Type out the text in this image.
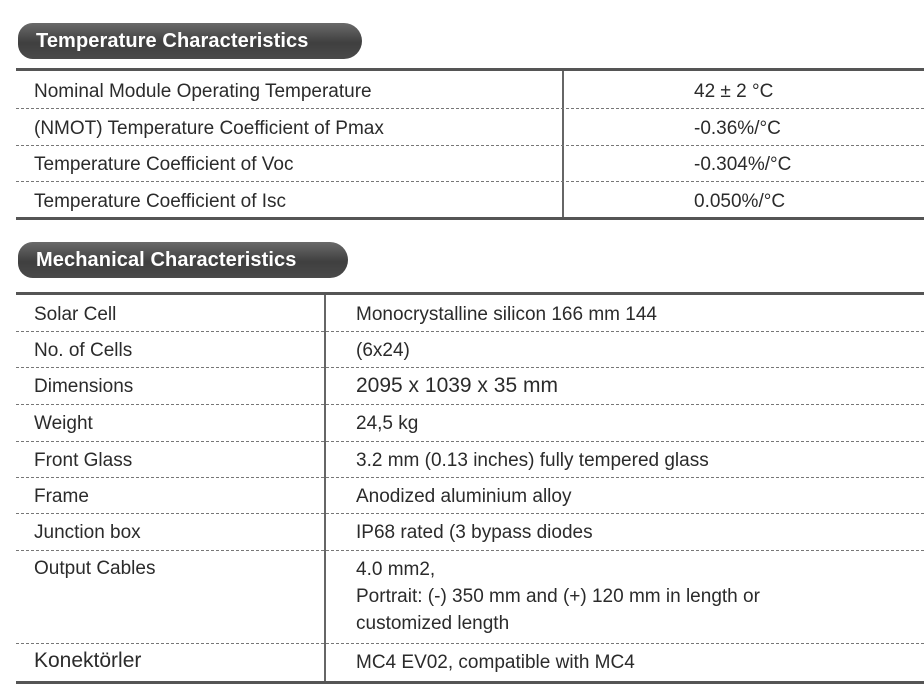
Temperature Characteristics
Nominal Module Operating Temperature	42 ± 2 °C
(NMOT) Temperature Coefficient of Pmax	-0.36%/°C
Temperature Coefficient of Voc	-0.304%/°C
Temperature Coefficient of Isc	0.050%/°C
Mechanical Characteristics
Solar Cell	Monocrystalline silicon 166 mm 144
No. of Cells	(6x24)
Dimensions	2095 x 1039 x 35 mm
Weight	24,5 kg
Front Glass	3.2 mm (0.13 inches) fully tempered glass
Frame	Anodized aluminium alloy
Junction box	IP68 rated (3 bypass diodes
Output Cables	4.0 mm2,
Portrait: (-) 350 mm and (+) 120 mm in length or
customized length
Konektörler	MC4 EV02, compatible with MC4
